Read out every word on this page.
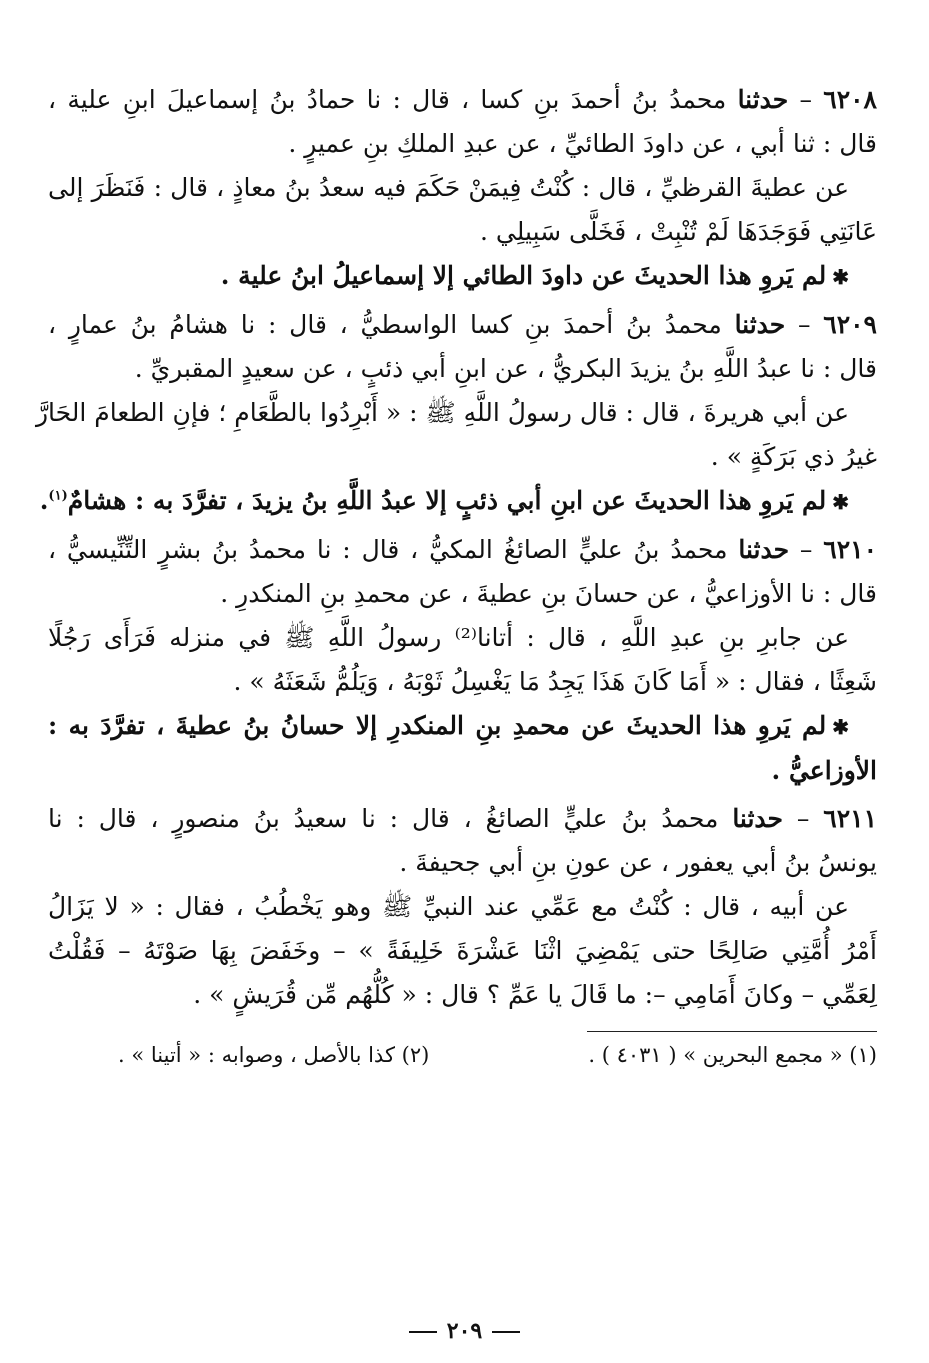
٦٢٠٨ – حدثنا محمدُ بنُ أحمدَ بنِ كسا ، قال : نا حمادُ بنُ إسماعيلَ ابنِ علية ،
قال : ثنا أبي ، عن داودَ الطائيِّ ، عن عبدِ الملكِ بنِ عميرٍ .
عن عطيةَ القرظيِّ ، قال : كُنْتُ فِيمَنْ حَكَمَ فيه سعدُ بنُ معاذٍ ، قال : فَنَظَرَ إلى
عَانَتِي فَوَجَدَهَا لَمْ تُنْبِتْ ، فَخَلَّى سَبِيلِي .
✱لم يَروِ هذا الحديثَ عن داودَ الطائي إلا إسماعيلُ ابنُ علية .
٦٢٠٩ – حدثنا محمدُ بنُ أحمدَ بنِ كسا الواسطيُّ ، قال : نا هشامُ بنُ عمارٍ ،
قال : نا عبدُ اللَّهِ بنُ يزيدَ البكريُّ ، عن ابنِ أبي ذئبٍ ، عن سعيدٍ المقبريِّ .
عن أبي هريرةَ ، قال : قال رسولُ اللَّهِ ﷺ : « أَبْرِدُوا بالطَّعَامِ ؛ فإنِ الطعامَ الحَارَّ
غيرُ ذي بَرَكَةٍ » .
✱لم يَروِ هذا الحديثَ عن ابنِ أبي ذئبٍ إلا عبدُ اللَّهِ بنُ يزيدَ ، تفرَّدَ به : هشامٌ$^{(١)}$.
٦٢١٠ – حدثنا محمدُ بنُ عليٍّ الصائغُ المكيُّ ، قال : نا محمدُ بنُ بشرٍ التِّنِّيسيُّ ،
قال : نا الأوزاعيُّ ، عن حسانَ بنِ عطيةَ ، عن محمدِ بنِ المنكدرِ .
عن جابرِ بنِ عبدِ اللَّهِ ، قال : أتانا⁽²⁾ رسولُ اللَّهِ ﷺ في منزله فَرَأَى رَجُلًا
شَعِثًا ، فقال : « أَمَا كَانَ هَذَا يَجِدُ مَا يَغْسِلُ ثَوْبَهُ ، وَيَلُمُّ شَعَثَهُ » .
✱لم يَروِ هذا الحديثَ عن محمدِ بنِ المنكدرِ إلا حسانُ بنُ عطيةَ ، تفرَّدَ به :
الأوزاعيُّ .
٦٢١١ – حدثنا محمدُ بنُ عليٍّ الصائغُ ، قال : نا سعيدُ بنُ منصورٍ ، قال : نا
يونسُ بنُ أبي يعفور ، عن عونِ بنِ أبي جحيفةَ .
عن أبيه ، قال : كُنْتُ مع عَمِّي عند النبيِّ ﷺ وهو يَخْطُبُ ، فقال : « لا يَزَالُ
أَمْرُ أُمَّتِي صَالِحًا حتى يَمْضِيَ اثْنَا عَشْرَةَ خَلِيفَةً » – وخَفَضَ بِهَا صَوْتَهُ – فَقُلْتُ
لِعَمِّي – وكانَ أَمَامِي –: ما قَالَ يا عَمِّ ؟ قال : « كُلُّهُم مِّن قُرَيشٍ » .
(١) « مجمع البحرين » ( ٤٠٣١ ) .
(٢) كذا بالأصل ، وصوابه : « أتينا » .
٢٠٩
